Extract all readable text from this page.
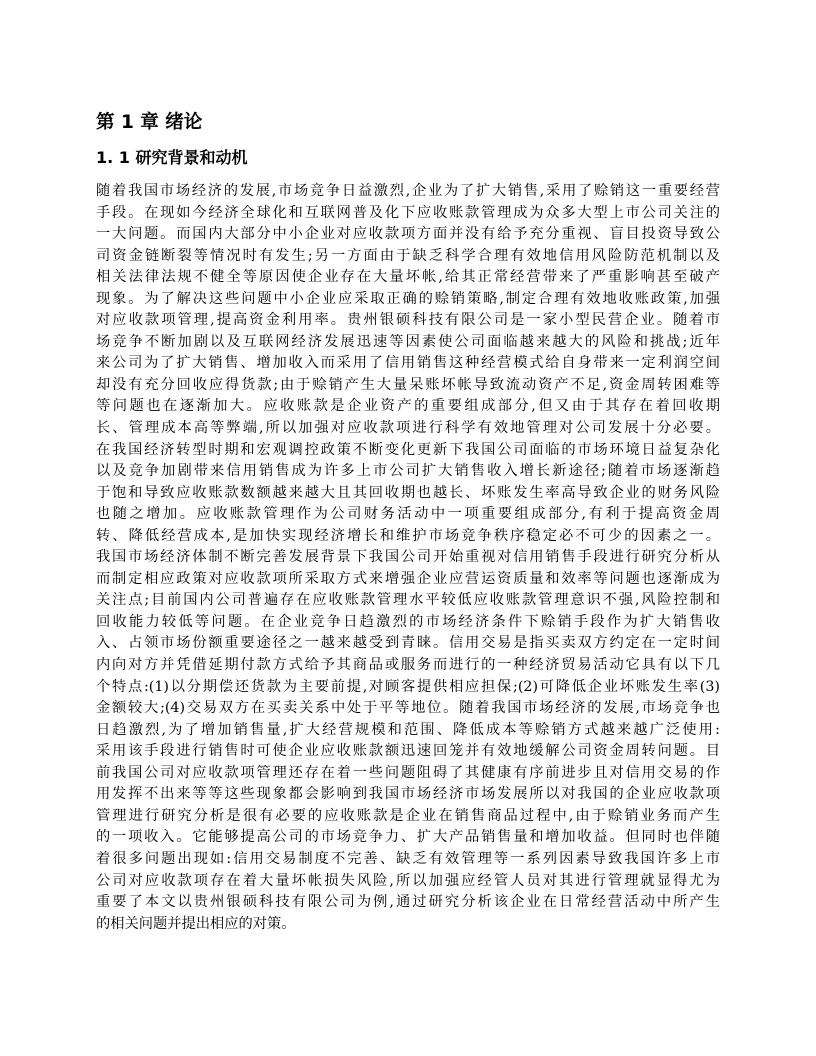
第 1 章 绪论
1. 1 研究背景和动机
随着我国市场经济的发展,市场竞争日益激烈,企业为了扩大销售,采用了赊销这一重要经营
手段。在现如今经济全球化和互联网普及化下应收账款管理成为众多大型上市公司关注的
一大问题。而国内大部分中小企业对应收款项方面并没有给予充分重视、盲目投资导致公
司资金链断裂等情况时有发生;另一方面由于缺乏科学合理有效地信用风险防范机制以及
相关法律法规不健全等原因使企业存在大量坏帐,给其正常经营带来了严重影响甚至破产
现象。为了解决这些问题中小企业应采取正确的赊销策略,制定合理有效地收账政策,加强
对应收款项管理,提高资金利用率。贵州银硕科技有限公司是一家小型民营企业。随着市
场竞争不断加剧以及互联网经济发展迅速等因素使公司面临越来越大的风险和挑战;近年
来公司为了扩大销售、增加收入而采用了信用销售这种经营模式给自身带来一定利润空间
却没有充分回收应得货款;由于赊销产生大量呆账坏帐导致流动资产不足,资金周转困难等
等问题也在逐渐加大。应收账款是企业资产的重要组成部分,但又由于其存在着回收期
长、管理成本高等弊端,所以加强对应收款项进行科学有效地管理对公司发展十分必要。
在我国经济转型时期和宏观调控政策不断变化更新下我国公司面临的市场环境日益复杂化
以及竞争加剧带来信用销售成为许多上市公司扩大销售收入增长新途径;随着市场逐渐趋
于饱和导致应收账款数额越来越大且其回收期也越长、坏账发生率高导致企业的财务风险
也随之增加。应收账款管理作为公司财务活动中一项重要组成部分,有利于提高资金周
转、降低经营成本,是加快实现经济增长和维护市场竞争秩序稳定必不可少的因素之一。
我国市场经济体制不断完善发展背景下我国公司开始重视对信用销售手段进行研究分析从
而制定相应政策对应收款项所采取方式来增强企业应营运资质量和效率等问题也逐渐成为
关注点;目前国内公司普遍存在应收账款管理水平较低应收账款管理意识不强,风险控制和
回收能力较低等问题。在企业竞争日趋激烈的市场经济条件下赊销手段作为扩大销售收
入、占领市场份额重要途径之一越来越受到青睐。信用交易是指买卖双方约定在一定时间
内向对方并凭借延期付款方式给予其商品或服务而进行的一种经济贸易活动它具有以下几
个特点:(1)以分期偿还货款为主要前提,对顾客提供相应担保;(2)可降低企业坏账发生率(3)
金额较大;(4)交易双方在买卖关系中处于平等地位。随着我国市场经济的发展,市场竞争也
日趋激烈,为了增加销售量,扩大经营规模和范围、降低成本等赊销方式越来越广泛使用:
采用该手段进行销售时可使企业应收账款额迅速回笼并有效地缓解公司资金周转问题。目
前我国公司对应收款项管理还存在着一些问题阻碍了其健康有序前进步且对信用交易的作
用发挥不出来等等这些现象都会影响到我国市场经济市场发展所以对我国的企业应收款项
管理进行研究分析是很有必要的应收账款是企业在销售商品过程中,由于赊销业务而产生
的一项收入。它能够提高公司的市场竞争力、扩大产品销售量和增加收益。但同时也伴随
着很多问题出现如:信用交易制度不完善、缺乏有效管理等一系列因素导致我国许多上市
公司对应收款项存在着大量坏帐损失风险,所以加强应经管人员对其进行管理就显得尤为
重要了本文以贵州银硕科技有限公司为例,通过研究分析该企业在日常经营活动中所产生
的相关问题并提出相应的对策。
